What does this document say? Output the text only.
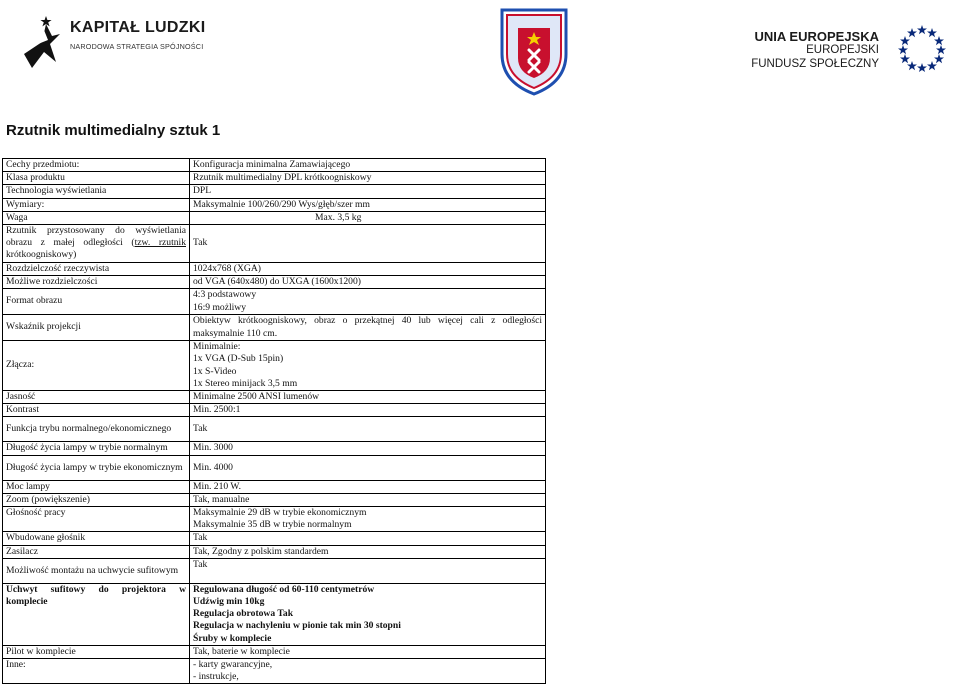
KAPITAŁ LUDZKI
NARODOWA STRATEGIA SPÓJNOŚCI
UNIA EUROPEJSKA
EUROPEJSKI
FUNDUSZ SPOŁECZNY
Rzutnik multimedialny sztuk 1
Cechy przedmiotu:	Konfiguracja minimalna Zamawiającego
Klasa produktu	Rzutnik multimedialny DPL krótkoogniskowy
Technologia wyświetlania	DPL
Wymiary:	Maksymalnie 100/260/290 Wys/głęb/szer mm
Waga	Max. 3,5 kg
Rzutnik przystosowany do wyświetlania obrazu z małej odległości (tzw. rzutnik krótkoogniskowy)	Tak
Rozdzielczość rzeczywista	1024x768 (XGA)
Możliwe rozdzielczości	od VGA (640x480) do UXGA (1600x1200)
Format obrazu	4:3 podstawowy
16:9 możliwy

Wskaźnik projekcji	Obiektyw krótkoogniskowy, obraz o przekątnej 40 lub więcej cali z odległości maksymalnie 110 cm.
Złącza:	Minimalnie:
1x VGA (D-Sub 15pin)
1x S-Video
1x Stereo minijack 3,5 mm

Jasność	Minimalne 2500 ANSI lumenów
Kontrast	Min. 2500:1
Funkcja trybu normalnego/ekonomicznego	Tak
Długość życia lampy w trybie normalnym	Min. 3000
Długość życia lampy w trybie ekonomicznym	Min. 4000
Moc lampy	Min. 210 W.
Zoom (powiększenie)	Tak, manualne
Głośność pracy	Maksymalnie 29 dB w trybie ekonomicznym
Maksymalnie 35 dB w trybie normalnym

Wbudowane głośnik	Tak
Zasilacz	Tak, Zgodny z polskim standardem
Możliwość montażu na uchwycie sufitowym	Tak
Uchwyt sufitowy do projektora w komplecie	Regulowana długość od 60-110 centymetrów
Udźwig min 10kg
Regulacja obrotowa Tak
Regulacja w nachyleniu w pionie tak min 30 stopni
Śruby w komplecie

Pilot w komplecie	Tak, baterie w komplecie
Inne:	- karty gwarancyjne,
- instrukcje,
